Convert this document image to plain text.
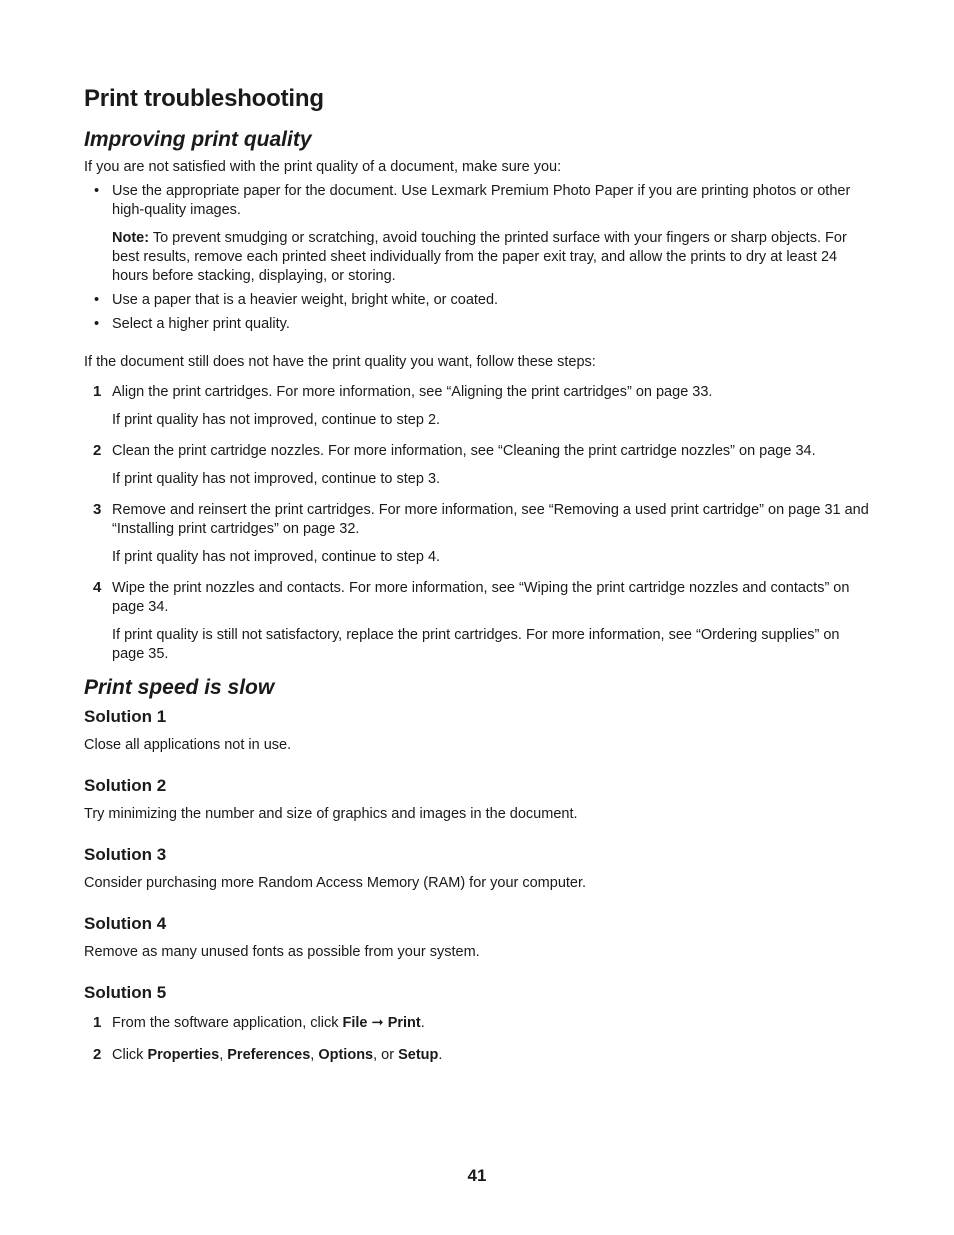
Print troubleshooting
Improving print quality

If you are not satisfied with the print quality of a document, make sure you:

• Use the appropriate paper for the document. Use Lexmark Premium Photo Paper if you are printing photos or other high-quality images.

Note: To prevent smudging or scratching, avoid touching the printed surface with your fingers or sharp objects. For best results, remove each printed sheet individually from the paper exit tray, and allow the prints to dry at least 24 hours before stacking, displaying, or storing.

• Use a paper that is a heavier weight, bright white, or coated.
• Select a higher print quality.

If the document still does not have the print quality you want, follow these steps:

1 Align the print cartridges. For more information, see “Aligning the print cartridges” on page 33.

If print quality has not improved, continue to step 2.

2 Clean the print cartridge nozzles. For more information, see “Cleaning the print cartridge nozzles” on page 34.

If print quality has not improved, continue to step 3.

3 Remove and reinsert the print cartridges. For more information, see “Removing a used print cartridge” on page 31 and “Installing print cartridges” on page 32.

If print quality has not improved, continue to step 4.

4 Wipe the print nozzles and contacts. For more information, see “Wiping the print cartridge nozzles and contacts” on page 34.

If print quality is still not satisfactory, replace the print cartridges. For more information, see “Ordering supplies” on page 35.

Print speed is slow
Solution 1

Close all applications not in use.

Solution 2

Try minimizing the number and size of graphics and images in the document.

Solution 3

Consider purchasing more Random Access Memory (RAM) for your computer.

Solution 4

Remove as many unused fonts as possible from your system.

Solution 5
1 From the software application, click File ➞ Print.

2 Click Properties, Preferences, Options, or Setup.

41
